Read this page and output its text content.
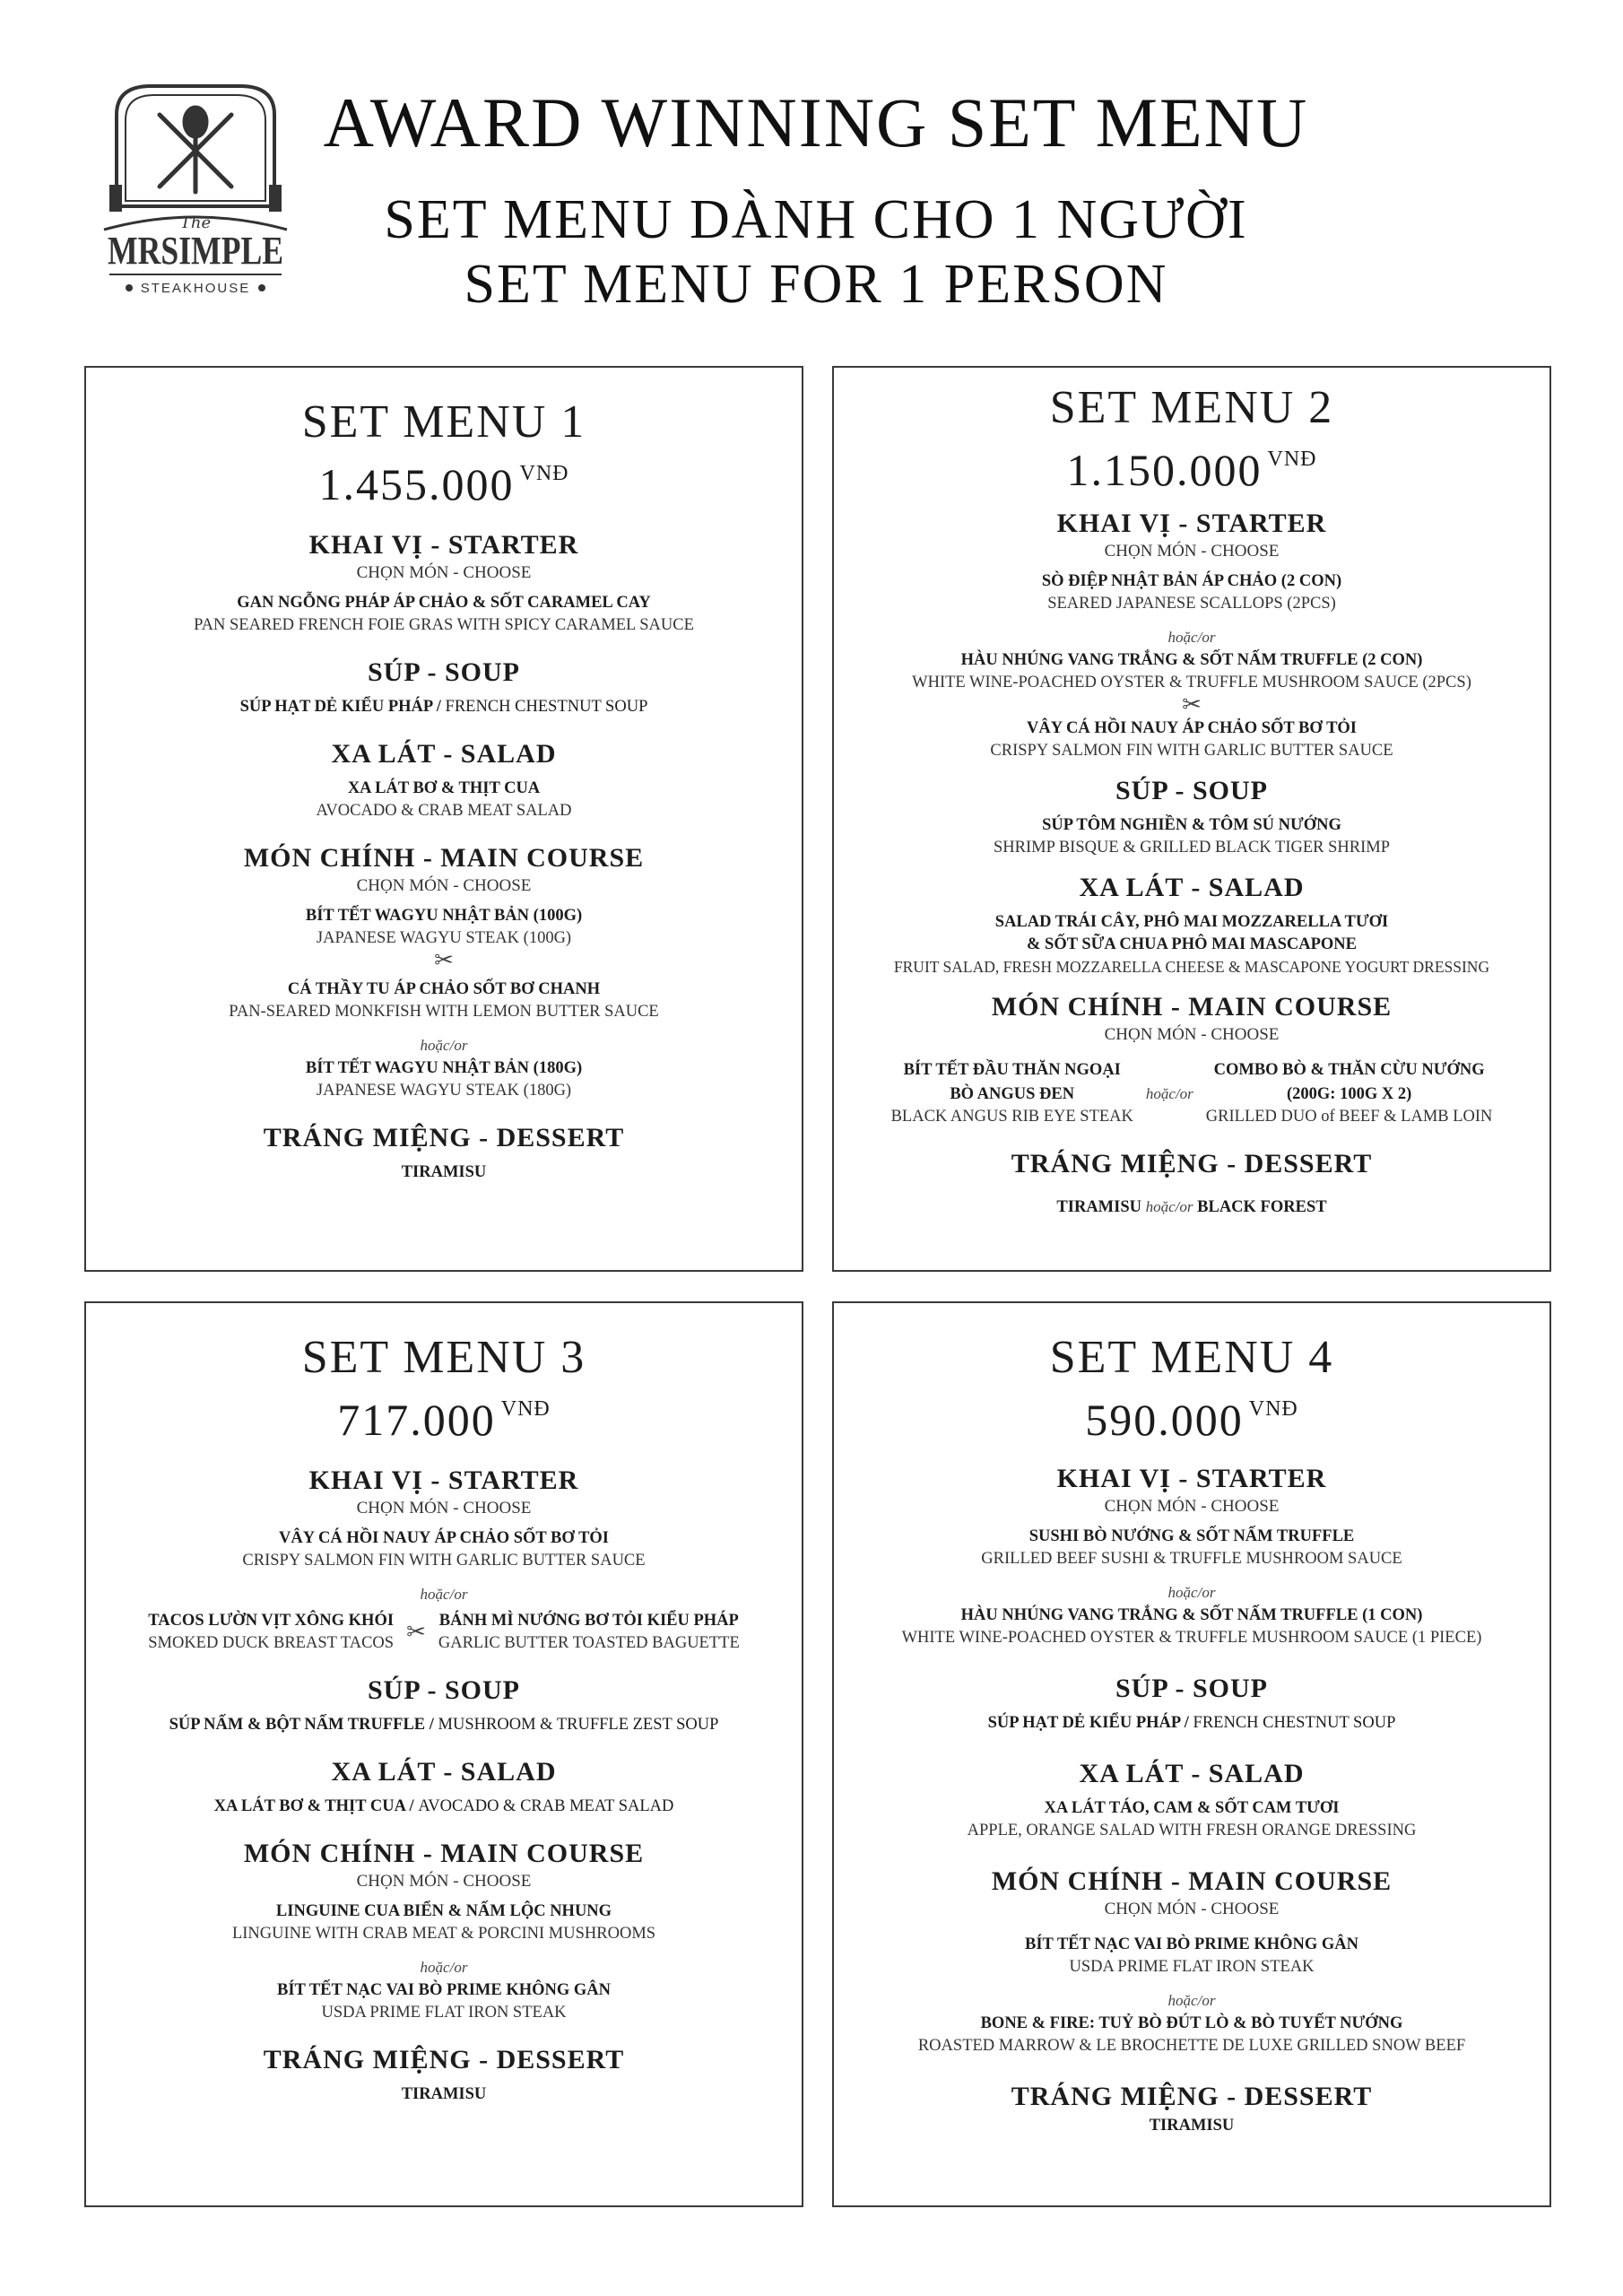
The
MRSIMPLE
STEAKHOUSE
AWARD WINNING SET MENU
SET MENU DÀNH CHO 1 NGƯỜI
SET MENU FOR 1 PERSON
SET MENU 1
1.455.000 $^{VNĐ}$
KHAI VỊ - STARTER
CHỌN MÓN - CHOOSE
GAN NGỖNG PHÁP ÁP CHẢO & SỐT CARAMEL CAY
PAN SEARED FRENCH FOIE GRAS WITH SPICY CARAMEL SAUCE
SÚP - SOUP
SÚP HẠT DẺ KIỂU PHÁP / FRENCH CHESTNUT SOUP
XA LÁT - SALAD
XA LÁT BƠ & THỊT CUA
AVOCADO & CRAB MEAT SALAD
MÓN CHÍNH - MAIN COURSE
CHỌN MÓN - CHOOSE
BÍT TẾT WAGYU NHẬT BẢN (100G)
JAPANESE WAGYU STEAK (100G)
✂
CÁ THẦY TU ÁP CHẢO SỐT BƠ CHANH
PAN-SEARED MONKFISH WITH LEMON BUTTER SAUCE
hoặc/or
BÍT TẾT WAGYU NHẬT BẢN (180G)
JAPANESE WAGYU STEAK (180G)
TRÁNG MIỆNG - DESSERT
TIRAMISU
SET MENU 2
1.150.000 $^{VNĐ}$
KHAI VỊ - STARTER
CHỌN MÓN - CHOOSE
SÒ ĐIỆP NHẬT BẢN ÁP CHẢO (2 CON)
SEARED JAPANESE SCALLOPS (2PCS)
hoặc/or
HÀU NHÚNG VANG TRẮNG & SỐT NẤM TRUFFLE (2 CON)
WHITE WINE-POACHED OYSTER & TRUFFLE MUSHROOM SAUCE (2PCS)
✂
VÂY CÁ HỒI NAUY ÁP CHẢO SỐT BƠ TỎI
CRISPY SALMON FIN WITH GARLIC BUTTER SAUCE
SÚP - SOUP
SÚP TÔM NGHIỀN & TÔM SÚ NƯỚNG
SHRIMP BISQUE & GRILLED BLACK TIGER SHRIMP
XA LÁT - SALAD
SALAD TRÁI CÂY, PHÔ MAI MOZZARELLA TƯƠI
& SỐT SỮA CHUA PHÔ MAI MASCAPONE
FRUIT SALAD, FRESH MOZZARELLA CHEESE & MASCAPONE YOGURT DRESSING
MÓN CHÍNH - MAIN COURSE
CHỌN MÓN - CHOOSE
BÍT TẾT ĐẦU THĂN NGOẠI
BÒ ANGUS ĐEN
BLACK ANGUS RIB EYE STEAK
hoặc/or
COMBO BÒ & THĂN CỪU NƯỚNG
(200G: 100G X 2)
GRILLED DUO of BEEF & LAMB LOIN
TRÁNG MIỆNG - DESSERT
TIRAMISU hoặc/or BLACK FOREST
SET MENU 3
717.000 $^{VNĐ}$
KHAI VỊ - STARTER
CHỌN MÓN - CHOOSE
VÂY CÁ HỒI NAUY ÁP CHẢO SỐT BƠ TỎI
CRISPY SALMON FIN WITH GARLIC BUTTER SAUCE
hoặc/or
TACOS LƯỜN VỊT XÔNG KHÓI
SMOKED DUCK BREAST TACOS ✂ BÁNH MÌ NƯỚNG BƠ TỎI KIỂU PHÁP
GARLIC BUTTER TOASTED BAGUETTE
SÚP - SOUP
SÚP NẤM & BỘT NẤM TRUFFLE / MUSHROOM & TRUFFLE ZEST SOUP
XA LÁT - SALAD
XA LÁT BƠ & THỊT CUA / AVOCADO & CRAB MEAT SALAD
MÓN CHÍNH - MAIN COURSE
CHỌN MÓN - CHOOSE
LINGUINE CUA BIỂN & NẤM LỘC NHUNG
LINGUINE WITH CRAB MEAT & PORCINI MUSHROOMS
hoặc/or
BÍT TẾT NẠC VAI BÒ PRIME KHÔNG GÂN
USDA PRIME FLAT IRON STEAK
TRÁNG MIỆNG - DESSERT
TIRAMISU
SET MENU 4
590.000 $^{VNĐ}$
KHAI VỊ - STARTER
CHỌN MÓN - CHOOSE
SUSHI BÒ NƯỚNG & SỐT NẤM TRUFFLE
GRILLED BEEF SUSHI & TRUFFLE MUSHROOM SAUCE
hoặc/or
HÀU NHÚNG VANG TRẮNG & SỐT NẤM TRUFFLE (1 CON)
WHITE WINE-POACHED OYSTER & TRUFFLE MUSHROOM SAUCE (1 PIECE)
SÚP - SOUP
SÚP HẠT DẺ KIỂU PHÁP / FRENCH CHESTNUT SOUP
XA LÁT - SALAD
XA LÁT TÁO, CAM & SỐT CAM TƯƠI
APPLE, ORANGE SALAD WITH FRESH ORANGE DRESSING
MÓN CHÍNH - MAIN COURSE
CHỌN MÓN - CHOOSE
BÍT TẾT NẠC VAI BÒ PRIME KHÔNG GÂN
USDA PRIME FLAT IRON STEAK
hoặc/or
BONE & FIRE: TUỶ BÒ ĐÚT LÒ & BÒ TUYẾT NƯỚNG
ROASTED MARROW & LE BROCHETTE DE LUXE GRILLED SNOW BEEF
TRÁNG MIỆNG - DESSERT
TIRAMISU
